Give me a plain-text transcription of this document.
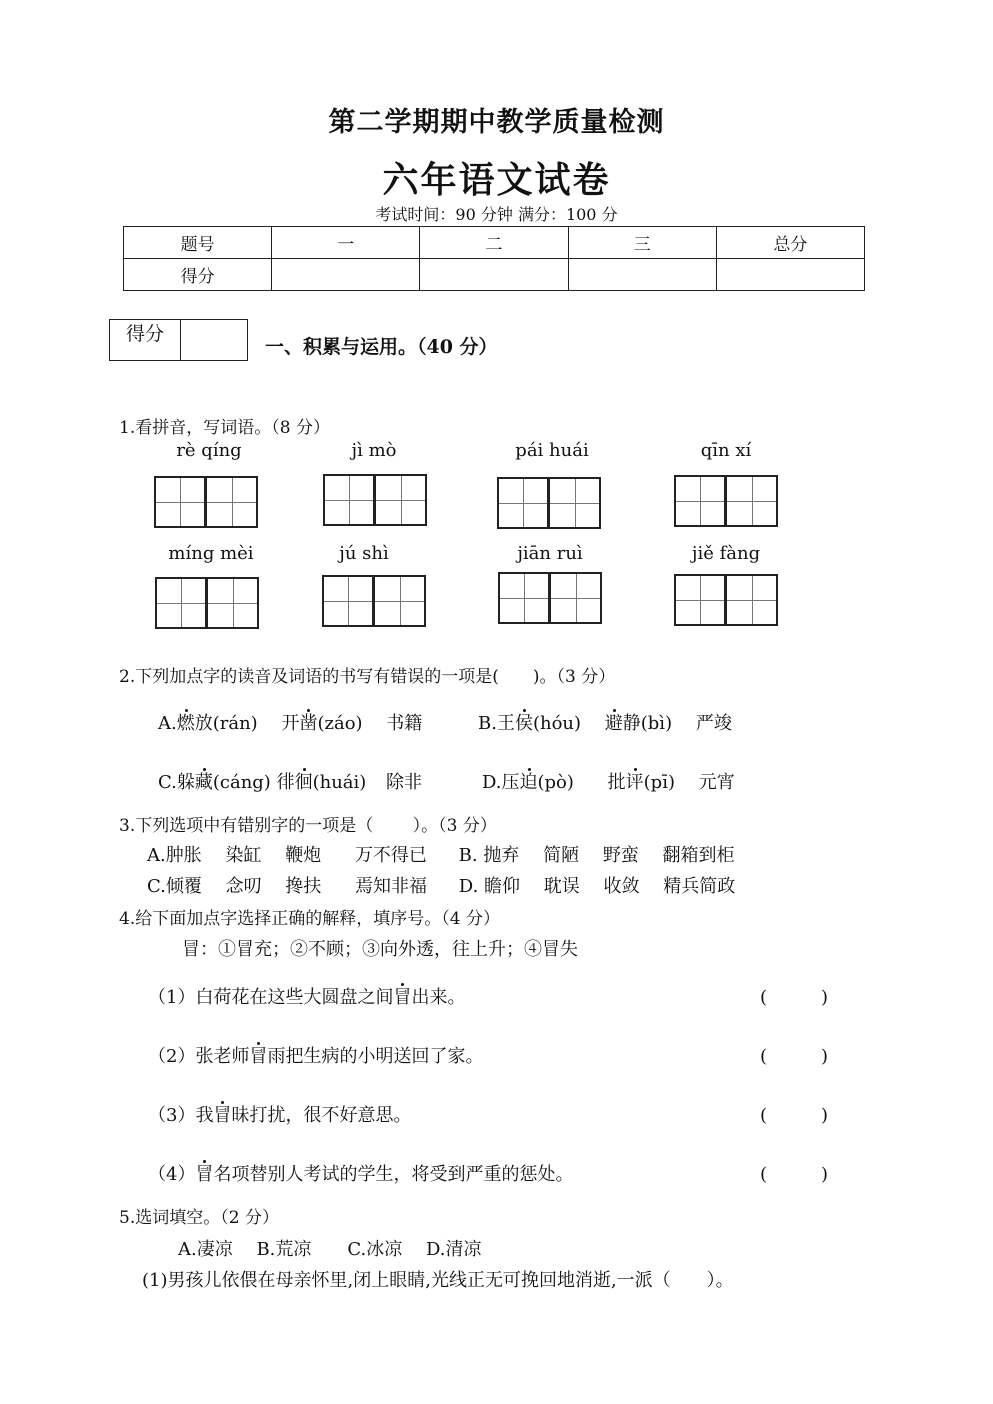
第二学期期中教学质量检测
六年语文试卷
考试时间：90 分钟 满分：100 分
题号	一	二	三	总分
得分				
得分
一、积累与运用。（40 分）
1.看拼音，写词语。（8 分）
rè qíng	jì mò	pái huái	qīn xí
míng mèi	jú shì	jiān ruì	jiě fàng
2.下列加点字的读音及词语的书写有错误的一项是(　　)。（3 分）
A.燃放(rán) 开凿(záo) 书籍	B.王侯(hóu) 避静(bì) 严竣
C.躲藏(cáng) 徘徊(huái) 除非	D.压迫(pò) 批评(pī) 元宵
3.下列选项中有错别字的一项是（　　 ）。（3 分）
A.肿胀 染缸 鞭炮 万不得已 B. 抛弃 简陋 野蛮 翻箱到柜
C.倾覆 念叨 搀扶 焉知非福 D. 瞻仰 耽误 收敛 精兵简政
4.给下面加点字选择正确的解释，填序号。（4 分）
冒：①冒充；②不顾；③向外透，往上升；④冒失
（1）白荷花在这些大圆盘之间冒出来。	(　　　)
（2）张老师冒雨把生病的小明送回了家。	(　　　)
（3）我冒昧打扰，很不好意思。	(　　　)
（4）冒名项替别人考试的学生，将受到严重的惩处。	(　　　)
5.选词填空。（2 分）
A.凄凉　 B.荒凉　　C.冰凉　 D.清凉
(1)男孩儿依偎在母亲怀里,闭上眼睛,光线正无可挽回地消逝,一派（　　）。
